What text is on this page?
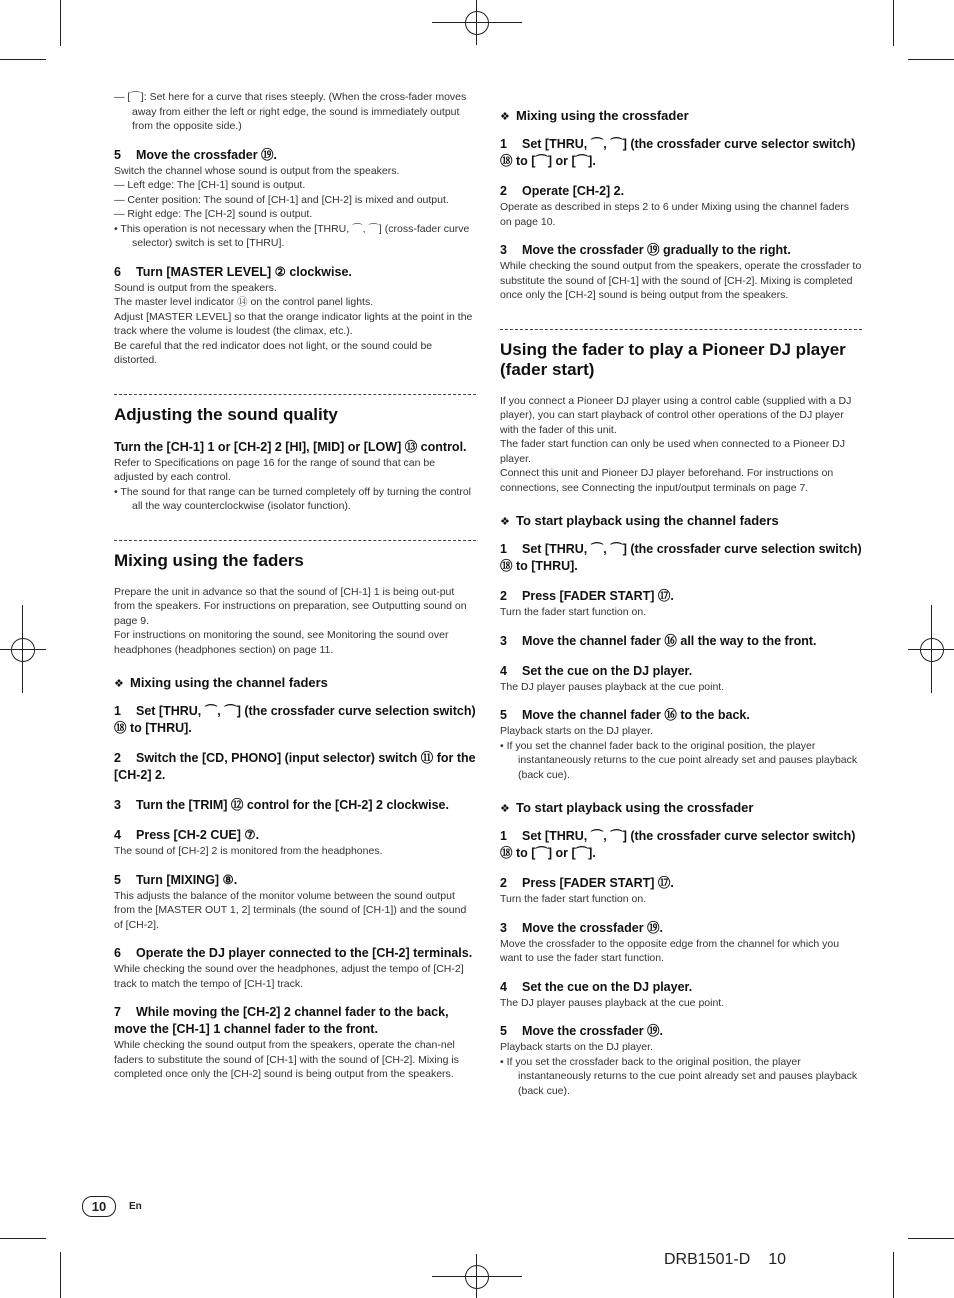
— [⌒]: Set here for a curve that rises steeply. (When the cross-fader moves away from either the left or right edge, the sound is immediately output from the opposite side.)
5 Move the crossfader ⑲.
Switch the channel whose sound is output from the speakers.
— Left edge: The [CH-1] sound is output.
— Center position: The sound of [CH-1] and [CH-2] is mixed and output.
— Right edge: The [CH-2] sound is output.
• This operation is not necessary when the [THRU, ⌒, ⌒] (cross-fader curve selector) switch is set to [THRU].
6 Turn [MASTER LEVEL] ② clockwise.
Sound is output from the speakers.
The master level indicator ⑭ on the control panel lights.
Adjust [MASTER LEVEL] so that the orange indicator lights at the point in the track where the volume is loudest (the climax, etc.).
Be careful that the red indicator does not light, or the sound could be distorted.
Adjusting the sound quality
Turn the [CH-1] 1 or [CH-2] 2 [HI], [MID] or [LOW] ⑬ control.
Refer to Specifications on page 16 for the range of sound that can be adjusted by each control.
• The sound for that range can be turned completely off by turning the control all the way counterclockwise (isolator function).
Mixing using the faders
Prepare the unit in advance so that the sound of [CH-1] 1 is being out-put from the speakers. For instructions on preparation, see Outputting sound on page 9.
For instructions on monitoring the sound, see Monitoring the sound over headphones (headphones section) on page 11.
❖  Mixing using the channel faders
1 Set [THRU, ⌒, ⌒] (the crossfader curve selection switch) ⑱ to [THRU].
2 Switch the [CD, PHONO] (input selector) switch ⑪ for the [CH-2] 2.
3 Turn the [TRIM] ⑫ control for the [CH-2] 2 clockwise.
4 Press [CH-2 CUE] ⑦.
The sound of [CH-2] 2 is monitored from the headphones.
5 Turn [MIXING] ⑧.
This adjusts the balance of the monitor volume between the sound output from the [MASTER OUT 1, 2] terminals (the sound of [CH-1]) and the sound of [CH-2].
6 Operate the DJ player connected to the [CH-2] terminals.
While checking the sound over the headphones, adjust the tempo of [CH-2] track to match the tempo of [CH-1] track.
7 While moving the [CH-2] 2 channel fader to the back, move the [CH-1] 1 channel fader to the front.
While checking the sound output from the speakers, operate the chan-nel faders to substitute the sound of [CH-1] with the sound of [CH-2]. Mixing is completed once only the [CH-2] sound is being output from the speakers.
❖  Mixing using the crossfader
1 Set [THRU, ⌒, ⌒] (the crossfader curve selector switch) ⑱ to [⌒] or [⌒].
2 Operate [CH-2] 2.
Operate as described in steps 2 to 6 under Mixing using the channel faders on page 10.
3 Move the crossfader ⑲ gradually to the right.
While checking the sound output from the speakers, operate the crossfader to substitute the sound of [CH-1] with the sound of [CH-2]. Mixing is completed once only the [CH-2] sound is being output from the speakers.
Using the fader to play a Pioneer DJ player (fader start)
If you connect a Pioneer DJ player using a control cable (supplied with a DJ player), you can start playback of control other operations of the DJ player with the fader of this unit.
The fader start function can only be used when connected to a Pioneer DJ player.
Connect this unit and Pioneer DJ player beforehand. For instructions on connections, see Connecting the input/output terminals on page 7.
❖  To start playback using the channel faders
1 Set [THRU, ⌒, ⌒] (the crossfader curve selection switch) ⑱ to [THRU].
2 Press [FADER START] ⑰.
Turn the fader start function on.
3 Move the channel fader ⑯ all the way to the front.
4 Set the cue on the DJ player.
The DJ player pauses playback at the cue point.
5 Move the channel fader ⑯ to the back.
Playback starts on the DJ player.
• If you set the channel fader back to the original position, the player instantaneously returns to the cue point already set and pauses playback (back cue).
❖  To start playback using the crossfader
1 Set [THRU, ⌒, ⌒] (the crossfader curve selector switch) ⑱ to [⌒] or [⌒].
2 Press [FADER START] ⑰.
Turn the fader start function on.
3 Move the crossfader ⑲.
Move the crossfader to the opposite edge from the channel for which you want to use the fader start function.
4 Set the cue on the DJ player.
The DJ player pauses playback at the cue point.
5 Move the crossfader ⑲.
Playback starts on the DJ player.
• If you set the crossfader back to the original position, the player instantaneously returns to the cue point already set and pauses playback (back cue).
10	En
DRB1501-D 10
